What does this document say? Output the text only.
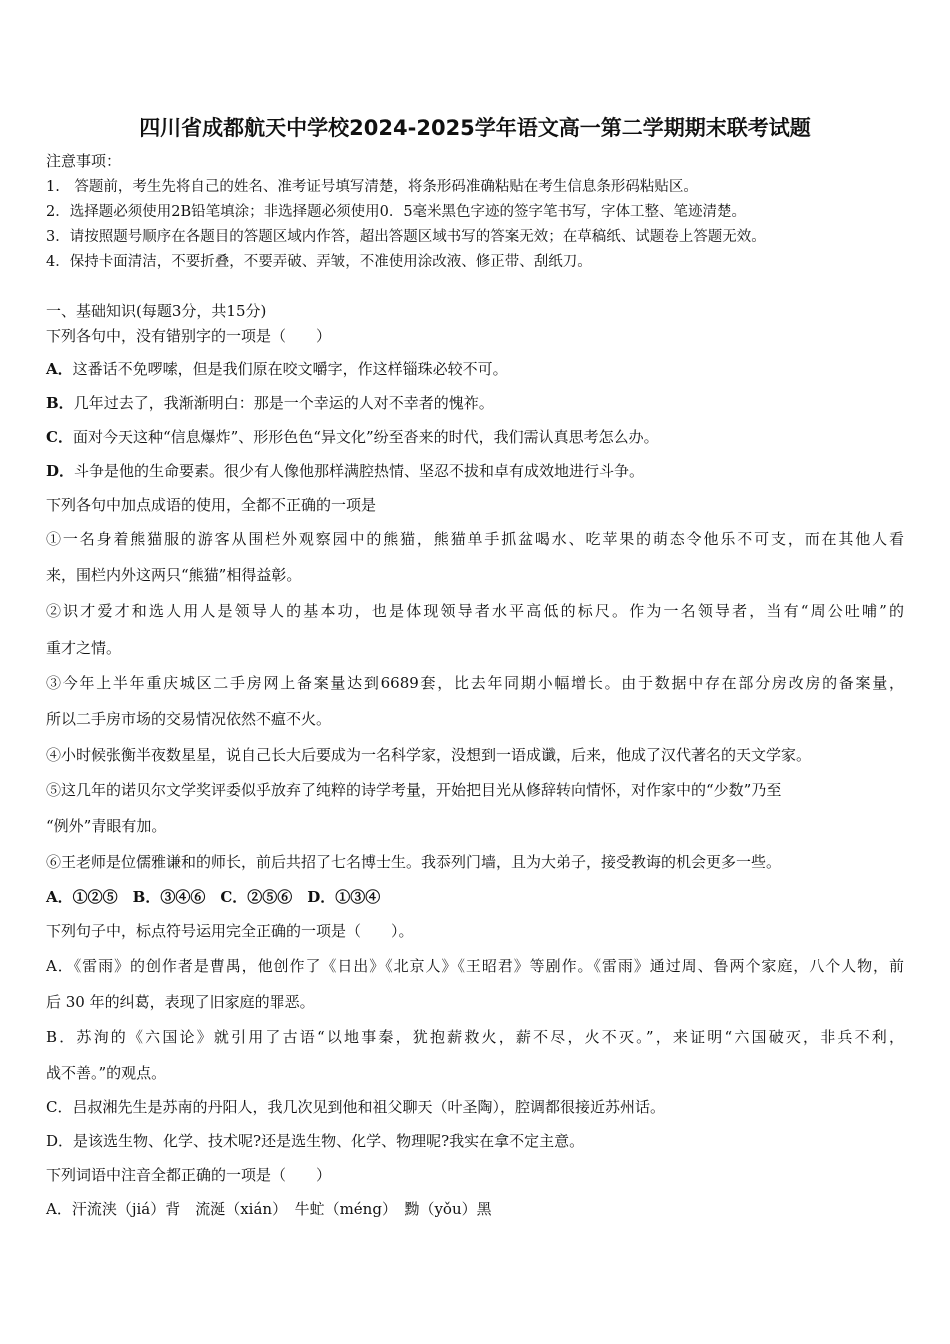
四川省成都航天中学校2024-2025学年语文高一第二学期期末联考试题
注意事项：
1.　答题前，考生先将自己的姓名、准考证号填写清楚，将条形码准确粘贴在考生信息条形码粘贴区。
2．选择题必须使用2B铅笔填涂；非选择题必须使用0．5毫米黑色字迹的签字笔书写，字体工整、笔迹清楚。
3．请按照题号顺序在各题目的答题区域内作答，超出答题区域书写的答案无效；在草稿纸、试题卷上答题无效。
4．保持卡面清洁，不要折叠，不要弄破、弄皱，不准使用涂改液、修正带、刮纸刀。
一、基础知识(每题3分，共15分)
下列各句中，没有错别字的一项是（　　）
A．这番话不免啰嗦，但是我们原在咬文嚼字，作这样锱珠必较不可。
B．几年过去了，我渐渐明白：那是一个幸运的人对不幸者的愧祚。
C．面对今天这种“信息爆炸”、形形色色“异文化”纷至沓来的时代，我们需认真思考怎么办。
D．斗争是他的生命要素。很少有人像他那样满腔热情、坚忍不拔和卓有成效地进行斗争。
下列各句中加点成语的使用，全都不正确的一项是
①一名身着熊猫服的游客从围栏外观察园中的熊猫，熊猫单手抓盆喝水、吃苹果的萌态令他乐不可支，而在其他人看
来，围栏内外这两只“熊猫”相得益彰。
②识才爱才和选人用人是领导人的基本功，也是体现领导者水平高低的标尺。作为一名领导者，当有“周公吐哺”的
重才之情。
③今年上半年重庆城区二手房网上备案量达到6689套，比去年同期小幅增长。由于数据中存在部分房改房的备案量，
所以二手房市场的交易情况依然不瘟不火。
④小时候张衡半夜数星星，说自己长大后要成为一名科学家，没想到一语成谶，后来，他成了汉代著名的天文学家。
⑤这几年的诺贝尔文学奖评委似乎放弃了纯粹的诗学考量，开始把目光从修辞转向情怀，对作家中的“少数”乃至
“例外”青眼有加。
⑥王老师是位儒雅谦和的师长，前后共招了七名博士生。我忝列门墙，且为大弟子，接受教诲的机会更多一些。
A．①②⑤　B．③④⑥　C．②⑤⑥　D．①③④
下列句子中，标点符号运用完全正确的一项是（　　）。
A．《雷雨》的创作者是曹禺，他创作了《日出》《北京人》《王昭君》等剧作。《雷雨》通过周、鲁两个家庭，八个人物，前
后 30 年的纠葛，表现了旧家庭的罪恶。
B．苏洵的《六国论》就引用了古语“以地事秦，犹抱薪救火，薪不尽，火不灭。”，来证明“六国破灭，非兵不利，
战不善。”的观点。
C．吕叔湘先生是苏南的丹阳人，我几次见到他和祖父聊天（叶圣陶），腔调都很接近苏州话。
D．是该选生物、化学、技术呢?还是选生物、化学、物理呢?我实在拿不定主意。
下列词语中注音全都正确的一项是（　　）
A．汗流浃（jiá）背　流涎（xián）　牛虻（méng）　黝（yǒu）黑
